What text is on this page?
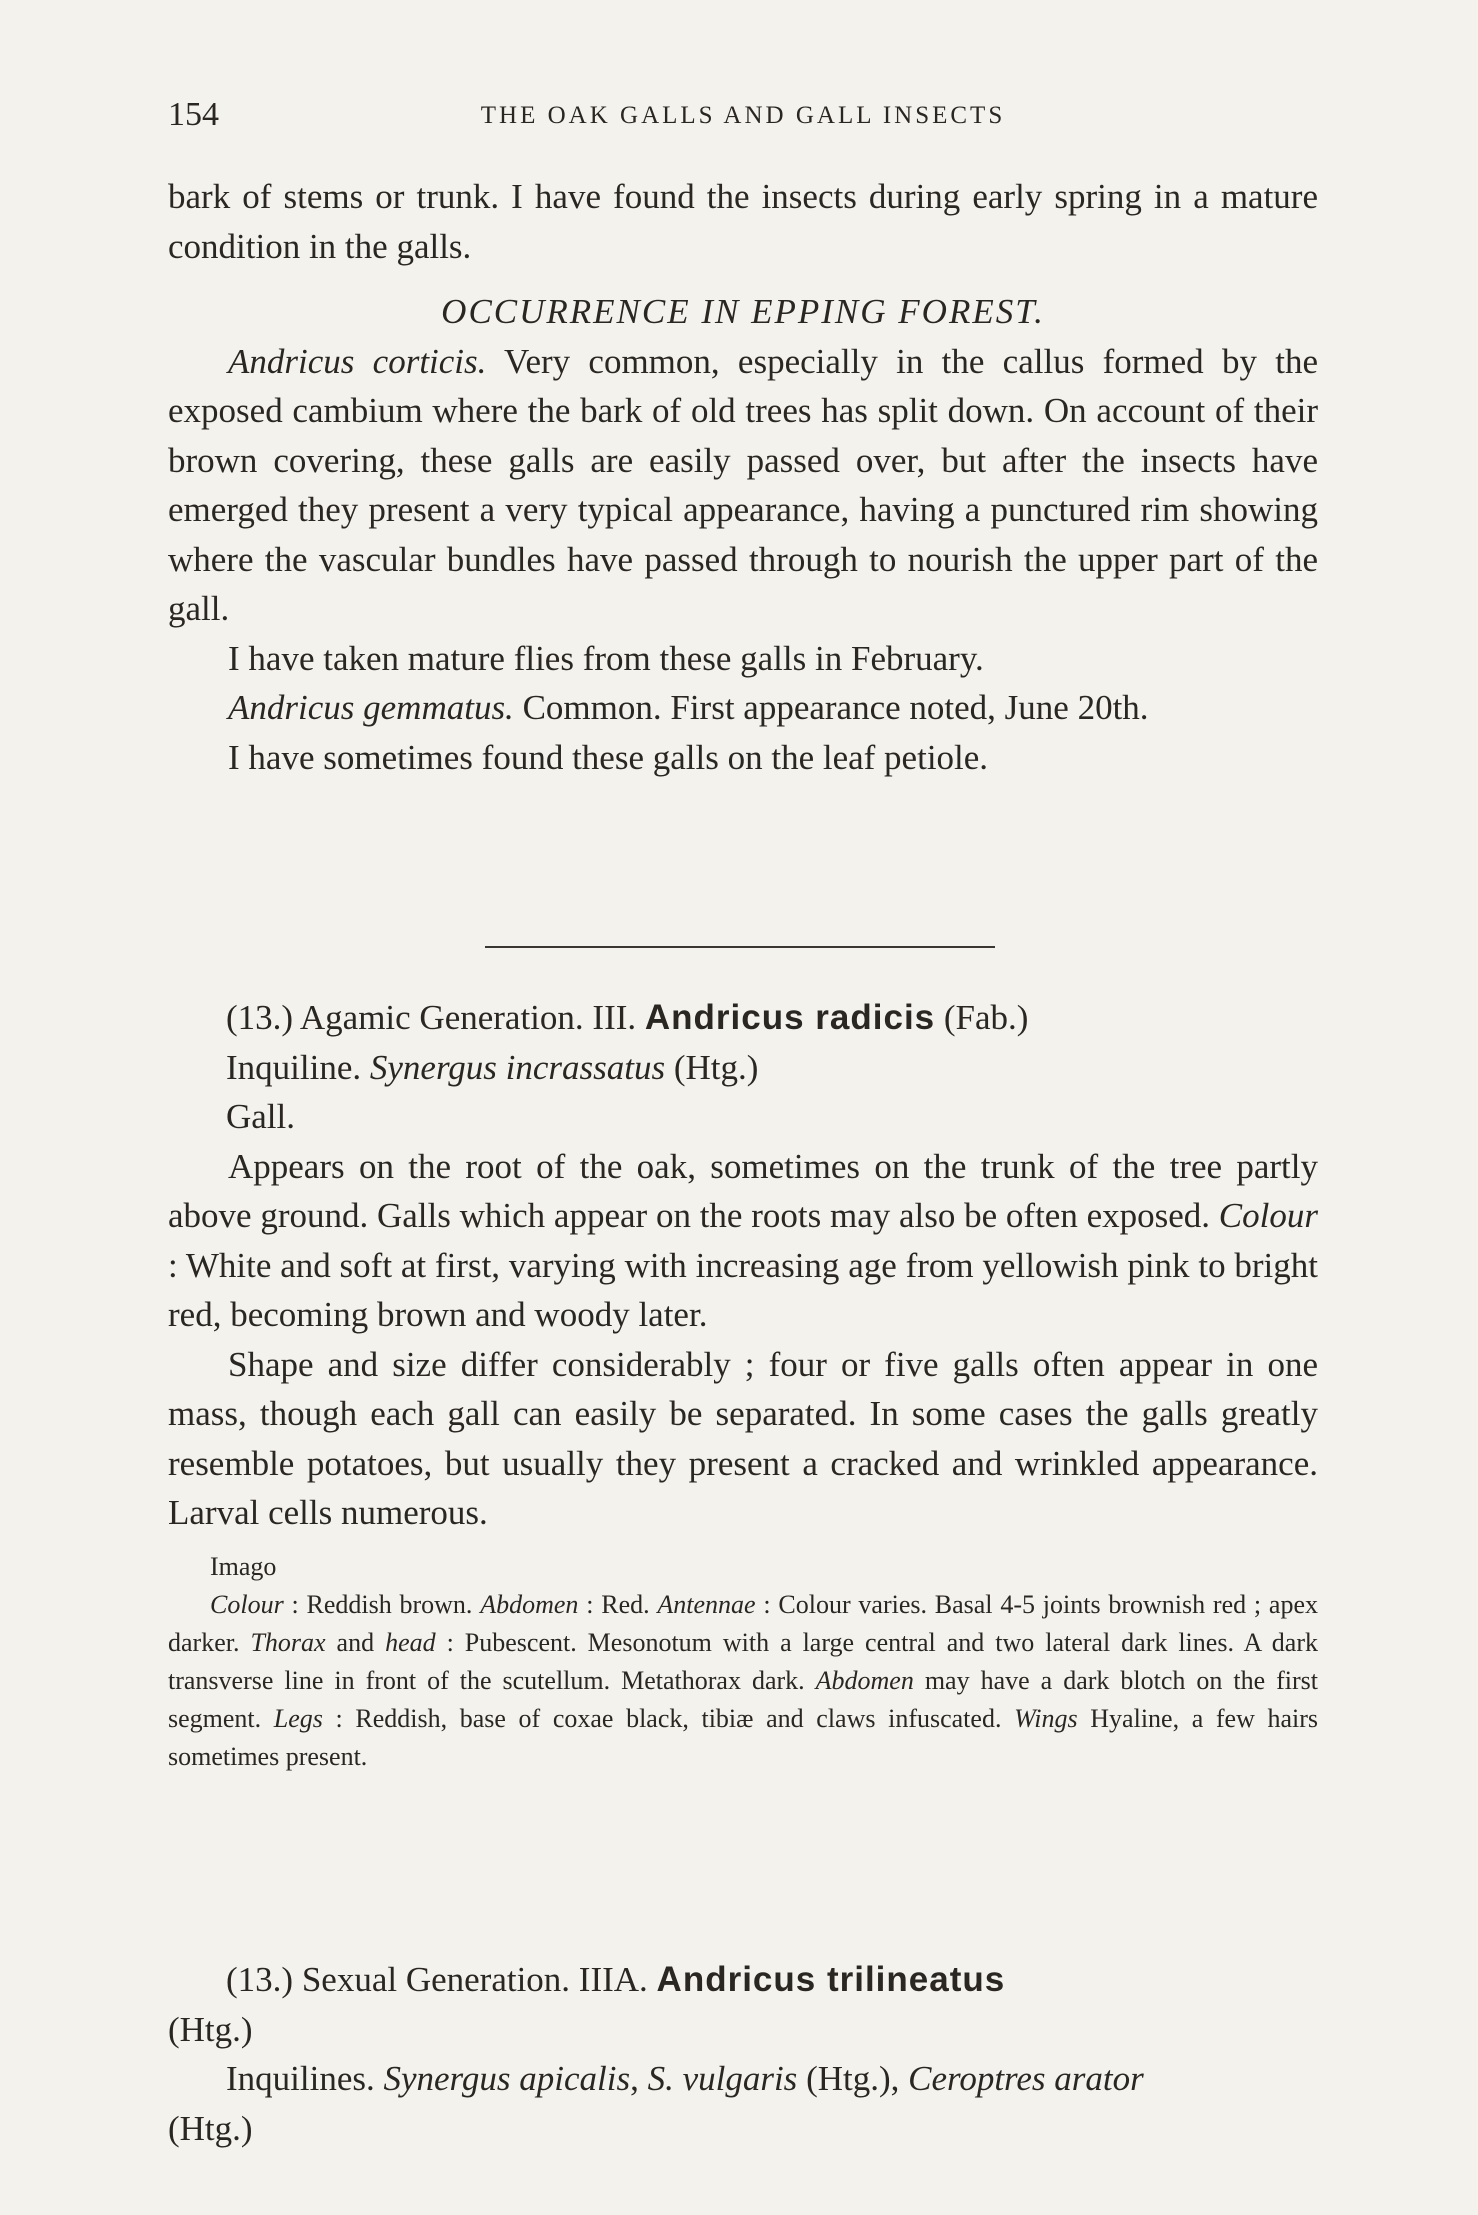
154	THE OAK GALLS AND GALL INSECTS

bark of stems or trunk. I have found the insects during early spring in a mature condition in the galls.

OCCURRENCE IN EPPING FOREST.

Andricus corticis. Very common, especially in the callus formed by the exposed cambium where the bark of old trees has split down. On account of their brown covering, these galls are easily passed over, but after the insects have emerged they present a very typical appearance, having a punctured rim showing where the vascular bundles have passed through to nourish the upper part of the gall.

I have taken mature flies from these galls in February.

Andricus gemmatus. Common. First appearance noted, June 20th.

I have sometimes found these galls on the leaf petiole.

(13.) Agamic Generation. III. Andricus radicis (Fab.)

Inquiline. Synergus incrassatus (Htg.)

Gall.

Appears on the root of the oak, sometimes on the trunk of the tree partly above ground. Galls which appear on the roots may also be often exposed. Colour : White and soft at first, varying with increasing age from yellowish pink to bright red, becoming brown and woody later.

Shape and size differ considerably ; four or five galls often appear in one mass, though each gall can easily be separated. In some cases the galls greatly resemble potatoes, but usually they present a cracked and wrinkled appearance. Larval cells numerous.

Imago

Colour : Reddish brown. Abdomen : Red. Antennae : Colour varies. Basal 4-5 joints brownish red ; apex darker. Thorax and head : Pubescent. Mesonotum with a large central and two lateral dark lines. A dark transverse line in front of the scutellum. Metathorax dark. Abdomen may have a dark blotch on the first segment. Legs : Reddish, base of coxae black, tibiæ and claws infuscated. Wings Hyaline, a few hairs sometimes present.

(13.) Sexual Generation. IIIA. Andricus trilineatus

(Htg.)

Inquilines. Synergus apicalis, S. vulgaris (Htg.), Ceroptres arator

(Htg.)
